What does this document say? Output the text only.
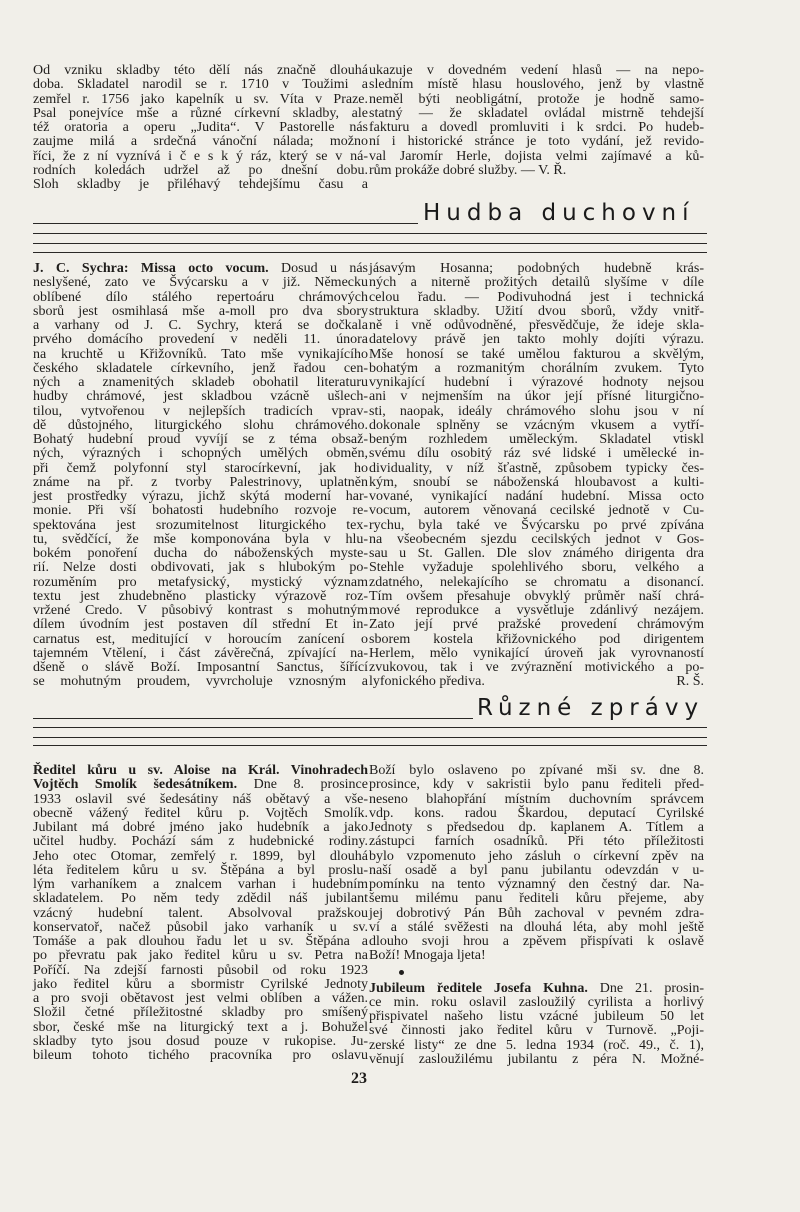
Od vzniku skladby této dělí nás značně dlouhá
doba. Skladatel narodil se r. 1710 v Toužimi a
zemřel r. 1756 jako kapelník u sv. Víta v Praze.
Psal ponejvíce mše a různé církevní skladby, ale
též oratoria a operu „Judita“. V Pastorelle nás
zaujme milá a srdečná vánoční nálada; možno
říci, že z ní vyznívá i č e s k ý ráz, který se v ná-
rodních koledách udržel až po dnešní dobu.
Sloh skladby je přiléhavý tehdejšímu času a
ukazuje v dovedném vedení hlasů — na nepo-
sledním místě hlasu houslového, jenž by vlastně
neměl býti neobligátní, protože je hodně samo-
statný — že skladatel ovládal mistrně tehdejší
fakturu a dovedl promluviti i k srdci. Po hudeb-
ní i historické stránce je toto vydání, jež revido-
val Jaromír Herle, dojista velmi zajímavé a ků-
rům prokáže dobré služby. — V. Ř.
Hudba duchovní
J. C. Sychra: Missa octo vocum. Dosud u nás
neslyšené, zato ve Švýcarsku a v již. Německu
oblíbené dílo stálého repertoáru chrámových
sborů jest osmihlasá mše a-moll pro dva sbory
a varhany od J. C. Sychry, která se dočkala
prvého domácího provedení v neděli 11. února
na kruchtě u Křižovníků. Tato mše vynikajícího
českého skladatele církevního, jenž řadou cen-
ných a znamenitých skladeb obohatil literaturu
hudby chrámové, jest skladbou vzácně ušlech-
tilou, vytvořenou v nejlepších tradicích vprav-
dě důstojného, liturgického slohu chrámového.
Bohatý hudební proud vyvíjí se z téma obsaž-
ných, výrazných i schopných umělých obměn,
při čemž polyfonní styl starocírkevní, jak ho
známe na př. z tvorby Palestrinovy, uplatněn
jest prostředky výrazu, jichž skýtá moderní har-
monie. Při vší bohatosti hudebního rozvoje re-
spektována jest srozumitelnost liturgického tex-
tu, svědčící, že mše komponována byla v hlu-
bokém ponoření ducha do náboženských myste-
rií. Nelze dosti obdivovati, jak s hlubokým po-
rozuměním pro metafysický, mystický význam
textu jest zhudebněno plasticky výrazově roz-
vržené Credo. V působivý kontrast s mohutným
dílem úvodním jest postaven díl střední Et in-
carnatus est, meditující v horoucím zanícení o
tajemném Vtělení, i část závěrečná, zpívající na-
dšeně o slávě Boží. Imposantní Sanctus, šířící
se mohutným proudem, vyvrcholuje vznosným a
jásavým Hosanna; podobných hudebně krás-
ných a niterně prožitých detailů slyšíme v díle
celou řadu. — Podivuhodná jest i technická
struktura skladby. Užití dvou sborů, vždy vnitř-
ně i vně odůvodněné, přesvědčuje, že ideje skla-
datelovy právě jen takto mohly dojíti výrazu.
Mše honosí se také umělou fakturou a skvělým,
bohatým a rozmanitým chorálním zvukem. Tyto
vynikající hudební i výrazové hodnoty nejsou
ani v nejmenším na úkor její přísné liturgično-
sti, naopak, ideály chrámového slohu jsou v ní
dokonale splněny se vzácným vkusem a vytří-
beným rozhledem uměleckým. Skladatel vtiskl
svému dílu osobitý ráz své lidské i umělecké in-
dividuality, v níž šťastně, způsobem typicky čes-
kým, snoubí se náboženská hloubavost a kulti-
vované, vynikající nadání hudební. Missa octo
vocum, autorem věnovaná cecilské jednotě v Cu-
rychu, byla také ve Švýcarsku po prvé zpívána
na všeobecném sjezdu cecilských jednot v Gos-
sau u St. Gallen. Dle slov známého dirigenta dra
Stehle vyžaduje spolehlivého sboru, velkého a
zdatného, nelekajícího se chromatu a disonancí.
Tím ovšem přesahuje obvyklý průměr naší chrá-
mové reprodukce a vysvětluje zdánlivý nezájem.
Zato její prvé pražské provedení chrámovým
sborem kostela křižovnického pod dirigentem
Herlem, mělo vynikající úroveň jak vyrovnaností
zvukovou, tak i ve zvýraznění motivického a po-
lyfonického přediva.	R. Š.
Různé zprávy
Ředitel kůru u sv. Aloise na Král. Vinohradech
Vojtěch Smolík šedesátníkem. Dne 8. prosince
1933 oslavil své šedesátiny náš obětavý a vše-
obecně vážený ředitel kůru p. Vojtěch Smolík.
Jubilant má dobré jméno jako hudebník a jako
učitel hudby. Pochází sám z hudebnické rodiny.
Jeho otec Otomar, zemřelý r. 1899, byl dlouhá
léta ředitelem kůru u sv. Štěpána a byl proslu-
lým varhaníkem a znalcem varhan i hudebním
skladatelem. Po něm tedy zdědil náš jubilant
vzácný hudební talent. Absolvoval pražskou
konservatoř, načež působil jako varhaník u sv.
Tomáše a pak dlouhou řadu let u sv. Štěpána a
po převratu pak jako ředitel kůru u sv. Petra na
Poříčí. Na zdejší farnosti působil od roku 1923
jako ředitel kůru a sbormistr Cyrilské Jednoty
a pro svoji obětavost jest velmi oblíben a vážen.
Složil četné příležitostné skladby pro smíšený
sbor, české mše na liturgický text a j. Bohužel
skladby tyto jsou dosud pouze v rukopise. Ju-
bileum tohoto tichého pracovníka pro oslavu
Boží bylo oslaveno po zpívané mši sv. dne 8.
prosince, kdy v sakristii bylo panu řediteli před-
neseno blahopřání místním duchovním správcem
vdp. kons. radou Škardou, deputací Cyrilské
Jednoty s předsedou dp. kaplanem A. Títlem a
zástupci farních osadníků. Při této příležitosti
bylo vzpomenuto jeho zásluh o církevní zpěv na
naší osadě a byl panu jubilantu odevzdán v u-
pomínku na tento významný den čestný dar. Na-
šemu milému panu řediteli kůru přejeme, aby
jej dobrotivý Pán Bůh zachoval v pevném zdra-
ví a stálé svěžesti na dlouhá léta, aby mohl ještě
dlouho svoji hrou a zpěvem přispívati k oslavě
Boží! Mnogaja ljeta!
Jubileum ředitele Josefa Kuhna. Dne 21. prosin-
ce min. roku oslavil zasloužilý cyrilista a horlivý
přispivatel našeho listu vzácné jubileum 50 let
své činnosti jako ředitel kůru v Turnově. „Poji-
zerské listy“ ze dne 5. ledna 1934 (roč. 49., č. 1),
věnují zasloužilému jubilantu z péra N. Možné-
23
